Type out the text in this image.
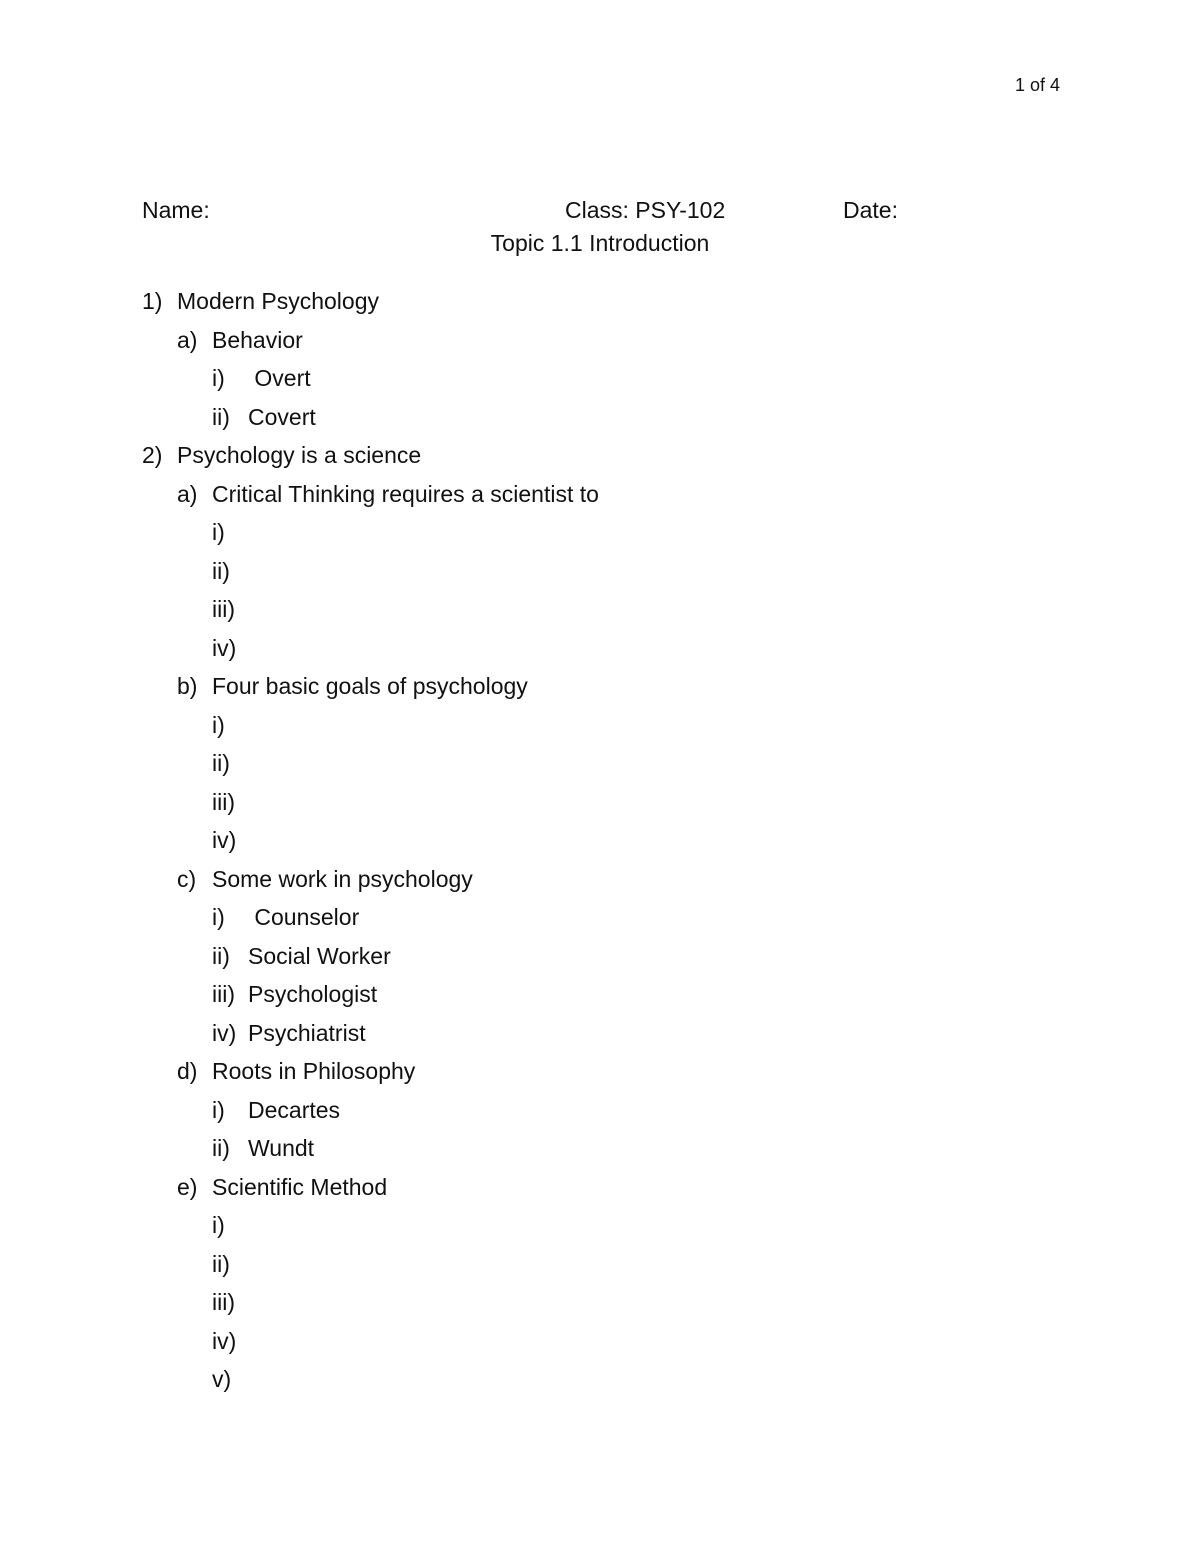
1 of 4
Name:	Class: PSY-102	Date:
Topic 1.1 Introduction
1) Modern Psychology
a) Behavior
i) Overt
ii) Covert
2) Psychology is a science
a) Critical Thinking requires a scientist to
i)
ii)
iii)
iv)
b) Four basic goals of psychology
i)
ii)
iii)
iv)
c) Some work in psychology
i) Counselor
ii) Social Worker
iii) Psychologist
iv) Psychiatrist
d) Roots in Philosophy
i) Decartes
ii) Wundt
e) Scientific Method
i)
ii)
iii)
iv)
v)
